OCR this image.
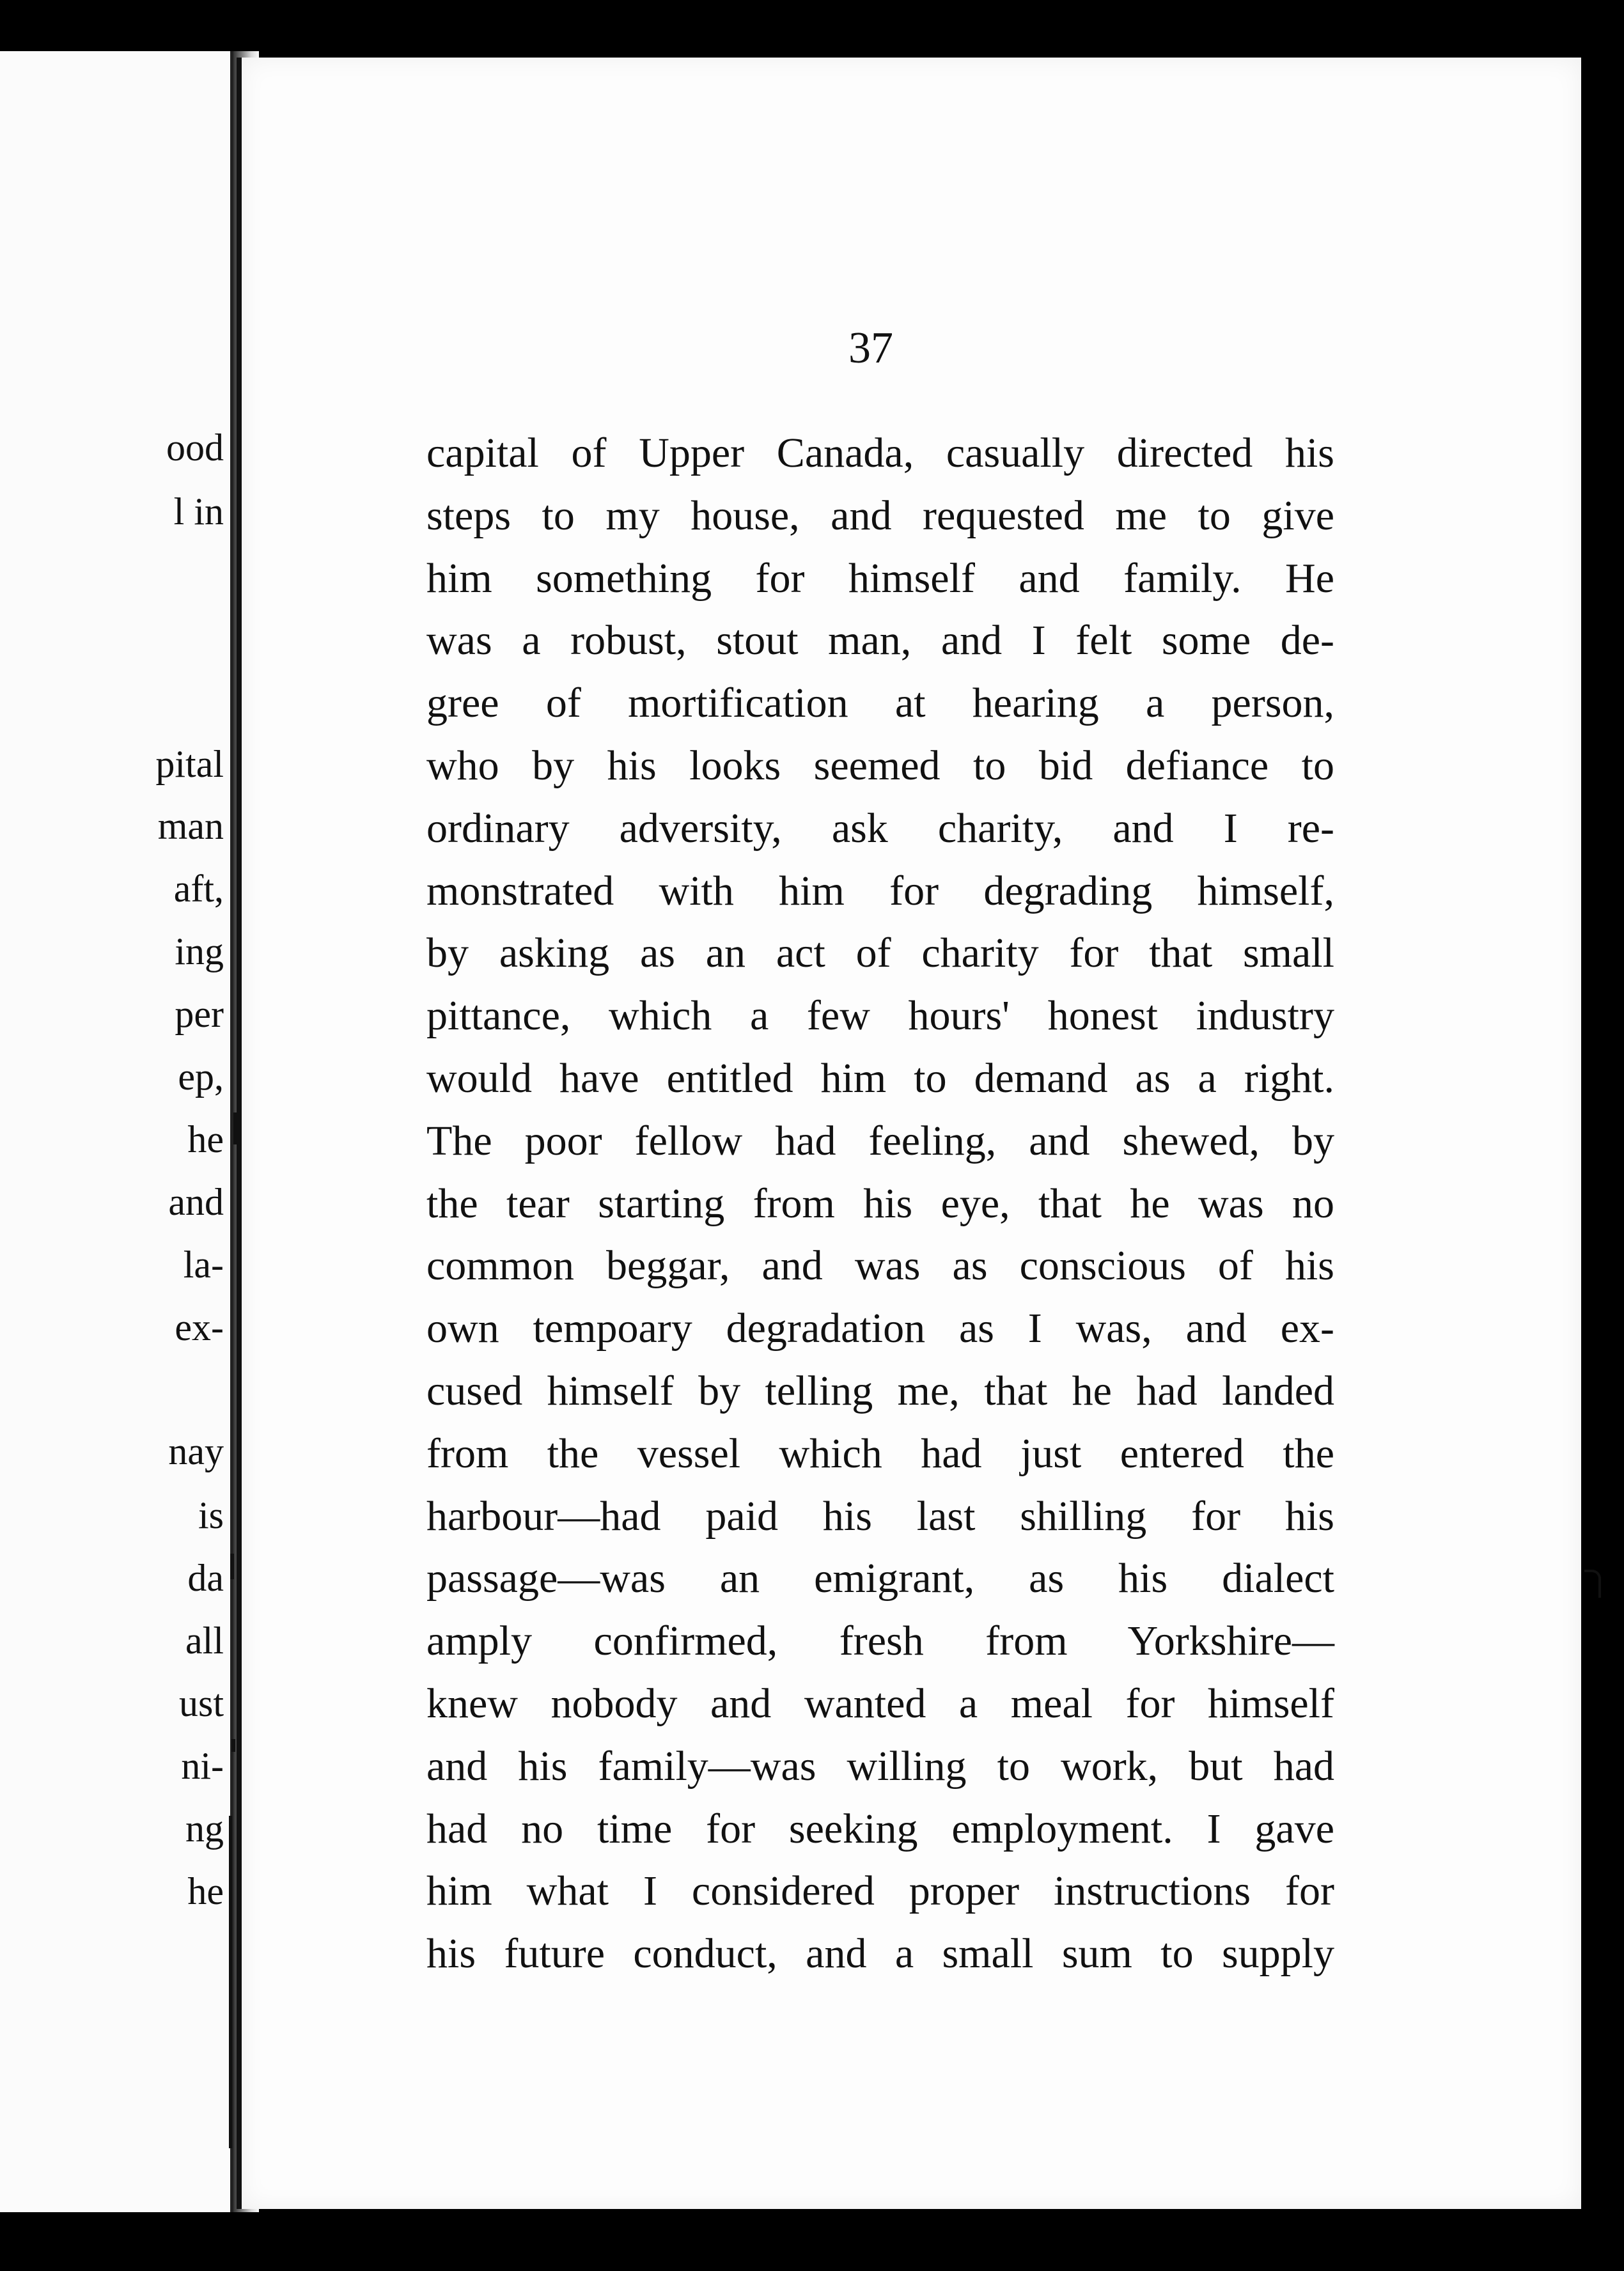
ood
l in
pital
man
aft,
ing
per
ep,
he
and
la-
ex-
nay
is
da
all
ust
ni-
ng
he
37
capital of Upper Canada, casually directed his
steps to my house, and requested me to give
him something for himself and family. He
was a robust, stout man, and I felt some de-
gree of mortification at hearing a person,
who by his looks seemed to bid defiance to
ordinary adversity, ask charity, and I re-
monstrated with him for degrading himself,
by asking as an act of charity for that small
pittance, which a few hours' honest industry
would have entitled him to demand as a right.
The poor fellow had feeling, and shewed, by
the tear starting from his eye, that he was no
common beggar, and was as conscious of his
own tempoary degradation as I was, and ex-
cused himself by telling me, that he had landed
from the vessel which had just entered the
harbour—had paid his last shilling for his
passage—was an emigrant, as his dialect
amply confirmed, fresh from Yorkshire—
knew nobody and wanted a meal for himself
and his family—was willing to work, but had
had no time for seeking employment. I gave
him what I considered proper instructions for
his future conduct, and a small sum to supply
